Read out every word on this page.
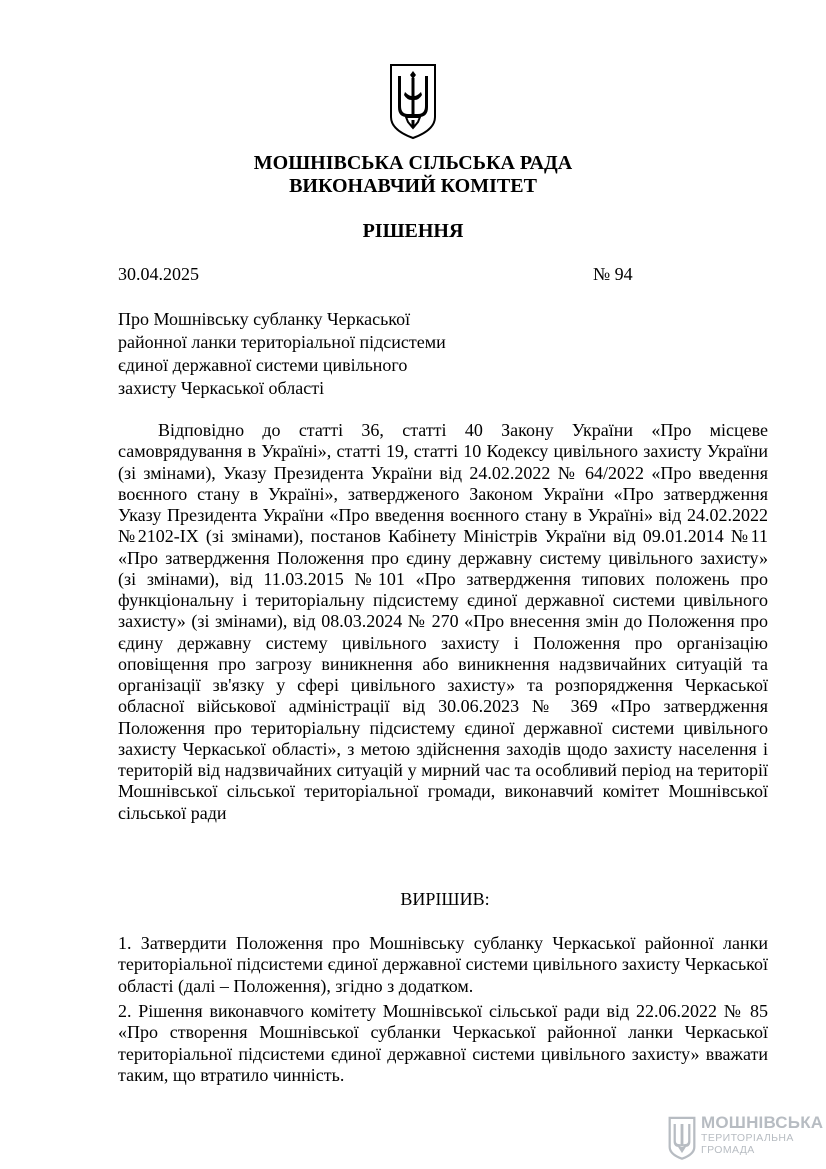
МОШНІВСЬКА СІЛЬСЬКА РАДА

ВИКОНАВЧИЙ КОМІТЕТ

РІШЕННЯ

30.04.2025	№ 94
Про Мошнівську субланку Черкаської
районної ланки територіальної підсистеми
єдиної державної системи цивільного
захисту Черкаської області

Відповідно до статті 36, статті 40 Закону України «Про місцеве самоврядування в Україні», статті 19, статті 10 Кодексу цивільного захисту України (зі змінами), Указу Президента України від 24.02.2022 № 64/2022 «Про введення воєнного стану в Україні», затвердженого Законом України «Про затвердження Указу Президента України «Про введення воєнного стану в Україні» від 24.02.2022 №2102-IX (зі змінами), постанов Кабінету Міністрів України від 09.01.2014 №11 «Про затвердження Положення про єдину державну систему цивільного захисту» (зі змінами), від 11.03.2015 №101 «Про затвердження типових положень про функціональну і територіальну підсистему єдиної державної системи цивільного захисту» (зі змінами), від 08.03.2024 № 270 «Про внесення змін до Положення про єдину державну систему цивільного захисту і Положення про організацію оповіщення про загрозу виникнення або виникнення надзвичайних ситуацій та організації зв'язку у сфері цивільного захисту» та розпорядження Черкаської обласної військової адміністрації від 30.06.2023 № 369 «Про затвердження Положення про територіальну підсистему єдиної державної системи цивільного захисту Черкаської області», з метою здійснення заходів щодо захисту населення і територій від надзвичайних ситуацій у мирний час та особливий період на території Мошнівської сільської територіальної громади, виконавчий комітет Мошнівської сільської ради

ВИРІШИВ:

1. Затвердити Положення про Мошнівську субланку Черкаської районної ланки територіальної підсистеми єдиної державної системи цивільного захисту Черкаської області (далі – Положення), згідно з додатком.

2. Рішення виконавчого комітету Мошнівської сільської ради від 22.06.2022 № 85 «Про створення Мошнівської субланки Черкаської районної ланки Черкаської територіальної підсистеми єдиної державної системи цивільного захисту» вважати таким, що втратило чинність.

МОШНІВСЬКА
ТЕРИТОРІАЛЬНА
ГРОМАДА
